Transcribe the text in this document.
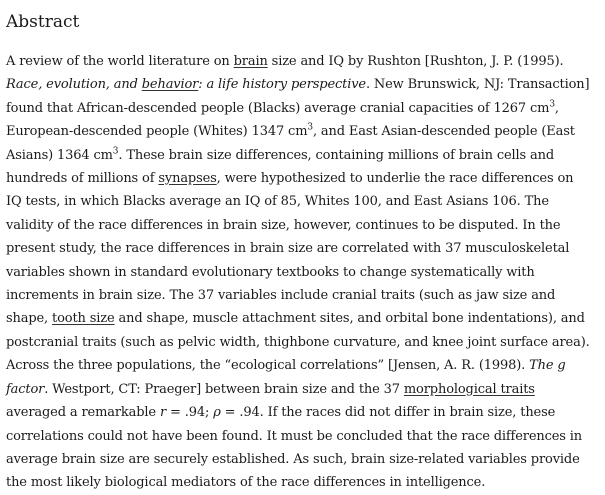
Abstract
A review of the world literature on brain size and IQ by Rushton [Rushton, J. P. (1995).
Race, evolution, and behavior: a life history perspective. New Brunswick, NJ: Transaction]
found that African-descended people (Blacks) average cranial capacities of 1267 $cm^3$,
European-descended people (Whites) 1347 $cm^3$, and East Asian-descended people (East
Asians) 1364 $cm^3$. These brain size differences, containing millions of brain cells and
hundreds of millions of synapses, were hypothesized to underlie the race differences on
IQ tests, in which Blacks average an IQ of 85, Whites 100, and East Asians 106. The
validity of the race differences in brain size, however, continues to be disputed. In the
present study, the race differences in brain size are correlated with 37 musculoskeletal
variables shown in standard evolutionary textbooks to change systematically with
increments in brain size. The 37 variables include cranial traits (such as jaw size and
shape, tooth size and shape, muscle attachment sites, and orbital bone indentations), and
postcranial traits (such as pelvic width, thighbone curvature, and knee joint surface area).
Across the three populations, the “ecological correlations” [Jensen, A. R. (1998). The g
factor. Westport, CT: Praeger] between brain size and the 37 morphological traits
averaged a remarkable r = .94; ρ = .94. If the races did not differ in brain size, these
correlations could not have been found. It must be concluded that the race differences in
average brain size are securely established. As such, brain size-related variables provide
the most likely biological mediators of the race differences in intelligence.
